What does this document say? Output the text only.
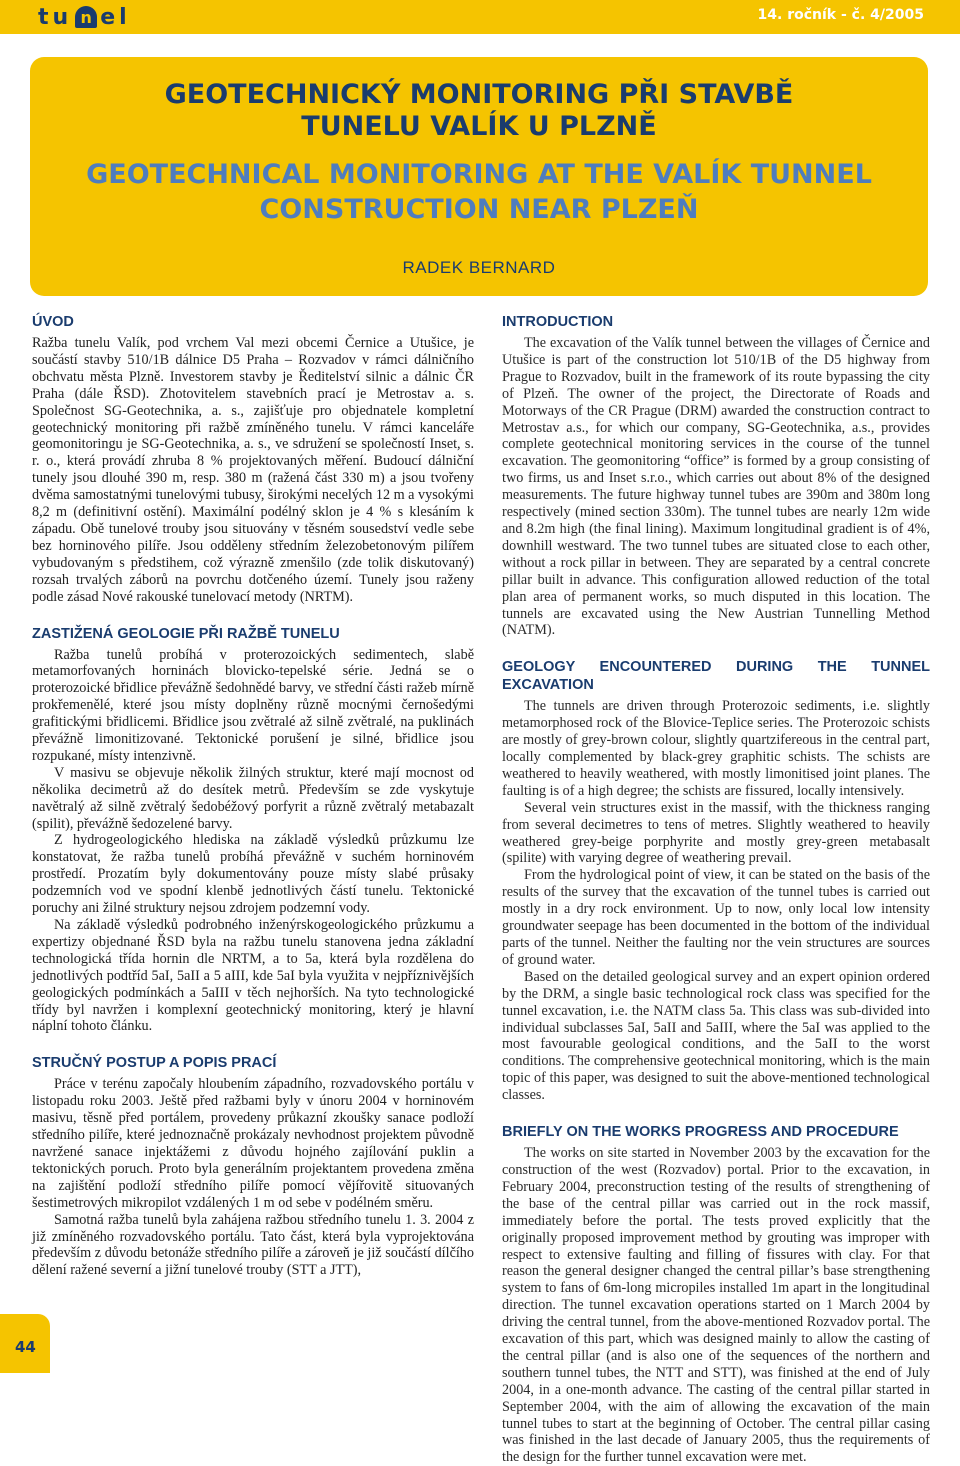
tu n el	14. ročník - č. 4/2005
GEOTECHNICKÝ MONITORING PŘI STAVBĚ
TUNELU VALÍK U PLZNĚ
GEOTECHNICAL MONITORING AT THE VALÍK TUNNEL
CONSTRUCTION NEAR PLZEŇ
RADEK BERNARD
ÚVOD

Ražba tunelu Valík, pod vrchem Val mezi obcemi Černice a Utušice, je součástí stavby 510/1B dálnice D5 Praha – Rozvadov v rámci dálničního obchvatu města Plzně. Investorem stavby je Ředitelství silnic a dálnic ČR Praha (dále ŘSD). Zhotovitelem stavebních prací je Metrostav a. s. Společnost SG-Geotechnika, a. s., zajišťuje pro objednatele kompletní geotechnický monitoring při ražbě zmíněného tunelu. V rámci kanceláře geomonitoringu je SG-Geotechnika, a. s., ve sdružení se společností Inset, s. r. o., která provádí zhruba 8 % projektovaných měření. Budoucí dálniční tunely jsou dlouhé 390 m, resp. 380 m (ražená část 330 m) a jsou tvořeny dvěma samostatnými tunelovými tubusy, širokými necelých 12 m a vysokými 8,2 m (definitivní ostění). Maximální podélný sklon je 4 % s klesáním k západu. Obě tunelové trouby jsou situovány v těsném sousedství vedle sebe bez horninového pilíře. Jsou odděleny středním železobetonovým pilířem vybudovaným s předstihem, což výrazně zmenšilo (zde tolik diskutovaný) rozsah trvalých záborů na povrchu dotčeného území. Tunely jsou raženy podle zásad Nové rakouské tunelovací metody (NRTM).

ZASTIŽENÁ GEOLOGIE PŘI RAŽBĚ TUNELU

Ražba tunelů probíhá v proterozoických sedimentech, slabě metamorfovaných horninách blovicko-tepelské série. Jedná se o proterozoické břidlice převážně šedohnědé barvy, ve střední části ražeb mírně prokřemenělé, které jsou místy doplněny různě mocnými černošedými grafitickými břidlicemi. Břidlice jsou zvětralé až silně zvětralé, na puklinách převážně limonitizované. Tektonické porušení je silné, břidlice jsou rozpukané, místy intenzivně.

V masivu se objevuje několik žilných struktur, které mají mocnost od několika decimetrů až do desítek metrů. Především se zde vyskytuje navětralý až silně zvětralý šedobéžový porfyrit a různě zvětralý metabazalt (spilit), převážně šedozelené barvy.

Z hydrogeologického hlediska na základě výsledků průzkumu lze konstatovat, že ražba tunelů probíhá převážně v suchém horninovém prostředí. Prozatím byly dokumentovány pouze místy slabé průsaky podzemních vod ve spodní klenbě jednotlivých částí tunelu. Tektonické poruchy ani žilné struktury nejsou zdrojem podzemní vody.

Na základě výsledků podrobného inženýrskogeologického průzkumu a expertizy objednané ŘSD byla na ražbu tunelu stanovena jedna základní technologická třída hornin dle NRTM, a to 5a, která byla rozdělena do jednotlivých podtříd 5aI, 5aII a 5 aIII, kde 5aI byla využita v nejpříznivějších geologických podmínkách a 5aIII v těch nejhorších. Na tyto technologické třídy byl navržen i komplexní geotechnický monitoring, který je hlavní náplní tohoto článku.

STRUČNÝ POSTUP A POPIS PRACÍ

Práce v terénu započaly hloubením západního, rozvadovského portálu v listopadu roku 2003. Ještě před ražbami byly v únoru 2004 v horninovém masivu, těsně před portálem, provedeny průkazní zkoušky sanace podloží středního pilíře, které jednoznačně prokázaly nevhodnost projektem původně navržené sanace injektážemi z důvodu hojného zajílování puklin a tektonických poruch. Proto byla generálním projektantem provedena změna na zajištění podloží středního pilíře pomocí vějířovitě situovaných šestimetrových mikropilot vzdálených 1 m od sebe v podélném směru.

Samotná ražba tunelů byla zahájena ražbou středního tunelu 1. 3. 2004 z již zmíněného rozvadovského portálu. Tato část, která byla vyprojektována především z důvodu betonáže středního pilíře a zároveň je již součástí dílčího dělení ražené severní a jižní tunelové trouby (STT a JTT),

INTRODUCTION

The excavation of the Valík tunnel between the villages of Černice and Utušice is part of the construction lot 510/1B of the D5 highway from Prague to Rozvadov, built in the framework of its route bypassing the city of Plzeň. The owner of the project, the Directorate of Roads and Motorways of the CR Prague (DRM) awarded the construction contract to Metrostav a.s., for which our company, SG-Geotechnika, a.s., provides complete geotechnical monitoring services in the course of the tunnel excavation. The geomonitoring “office” is formed by a group consisting of two firms, us and Inset s.r.o., which carries out about 8% of the designed measurements. The future highway tunnel tubes are 390m and 380m long respectively (mined section 330m). The tunnel tubes are nearly 12m wide and 8.2m high (the final lining). Maximum longitudinal gradient is of 4%, downhill westward. The two tunnel tubes are situated close to each other, without a rock pillar in between. They are separated by a central concrete pillar built in advance. This configuration allowed reduction of the total plan area of permanent works, so much disputed in this location. The tunnels are excavated using the New Austrian Tunnelling Method (NATM).

GEOLOGY ENCOUNTERED DURING THE TUNNEL EXCAVATION

The tunnels are driven through Proterozoic sediments, i.e. slightly metamorphosed rock of the Blovice-Teplice series. The Proterozoic schists are mostly of grey-brown colour, slightly quartzifereous in the central part, locally complemented by black-grey graphitic schists. The schists are weathered to heavily weathered, with mostly limonitised joint planes. The faulting is of a high degree; the schists are fissured, locally intensively.

Several vein structures exist in the massif, with the thickness ranging from several decimetres to tens of metres. Slightly weathered to heavily weathered grey-beige porphyrite and mostly grey-green metabasalt (spilite) with varying degree of weathering prevail.

From the hydrological point of view, it can be stated on the basis of the results of the survey that the excavation of the tunnel tubes is carried out mostly in a dry rock environment. Up to now, only local low intensity groundwater seepage has been documented in the bottom of the individual parts of the tunnel. Neither the faulting nor the vein structures are sources of ground water.

Based on the detailed geological survey and an expert opinion ordered by the DRM, a single basic technological rock class was specified for the tunnel excavation, i.e. the NATM class 5a. This class was sub-divided into individual subclasses 5aI, 5aII and 5aIII, where the 5aI was applied to the most favourable geological conditions, and the 5aII to the worst conditions. The comprehensive geotechnical monitoring, which is the main topic of this paper, was designed to suit the above-mentioned technological classes.

BRIEFLY ON THE WORKS PROGRESS AND PROCEDURE

The works on site started in November 2003 by the excavation for the construction of the west (Rozvadov) portal. Prior to the excavation, in February 2004, preconstruction testing of the results of strengthening of the base of the central pillar was carried out in the rock massif, immediately before the portal. The tests proved explicitly that the originally proposed improvement method by grouting was improper with respect to extensive faulting and filling of fissures with clay. For that reason the general designer changed the central pillar’s base strengthening system to fans of 6m-long micropiles installed 1m apart in the longitudinal direction. The tunnel excavation operations started on 1 March 2004 by driving the central tunnel, from the above-mentioned Rozvadov portal. The excavation of this part, which was designed mainly to allow the casting of the central pillar (and is also one of the sequences of the northern and southern tunnel tubes, the NTT and STT), was finished at the end of July 2004, in a one-month advance. The casting of the central pillar started in September 2004, with the aim of allowing the excavation of the main tunnel tubes to start at the beginning of October. The central pillar casing was finished in the last decade of January 2005, thus the requirements of the design for the further tunnel excavation were met.

44
